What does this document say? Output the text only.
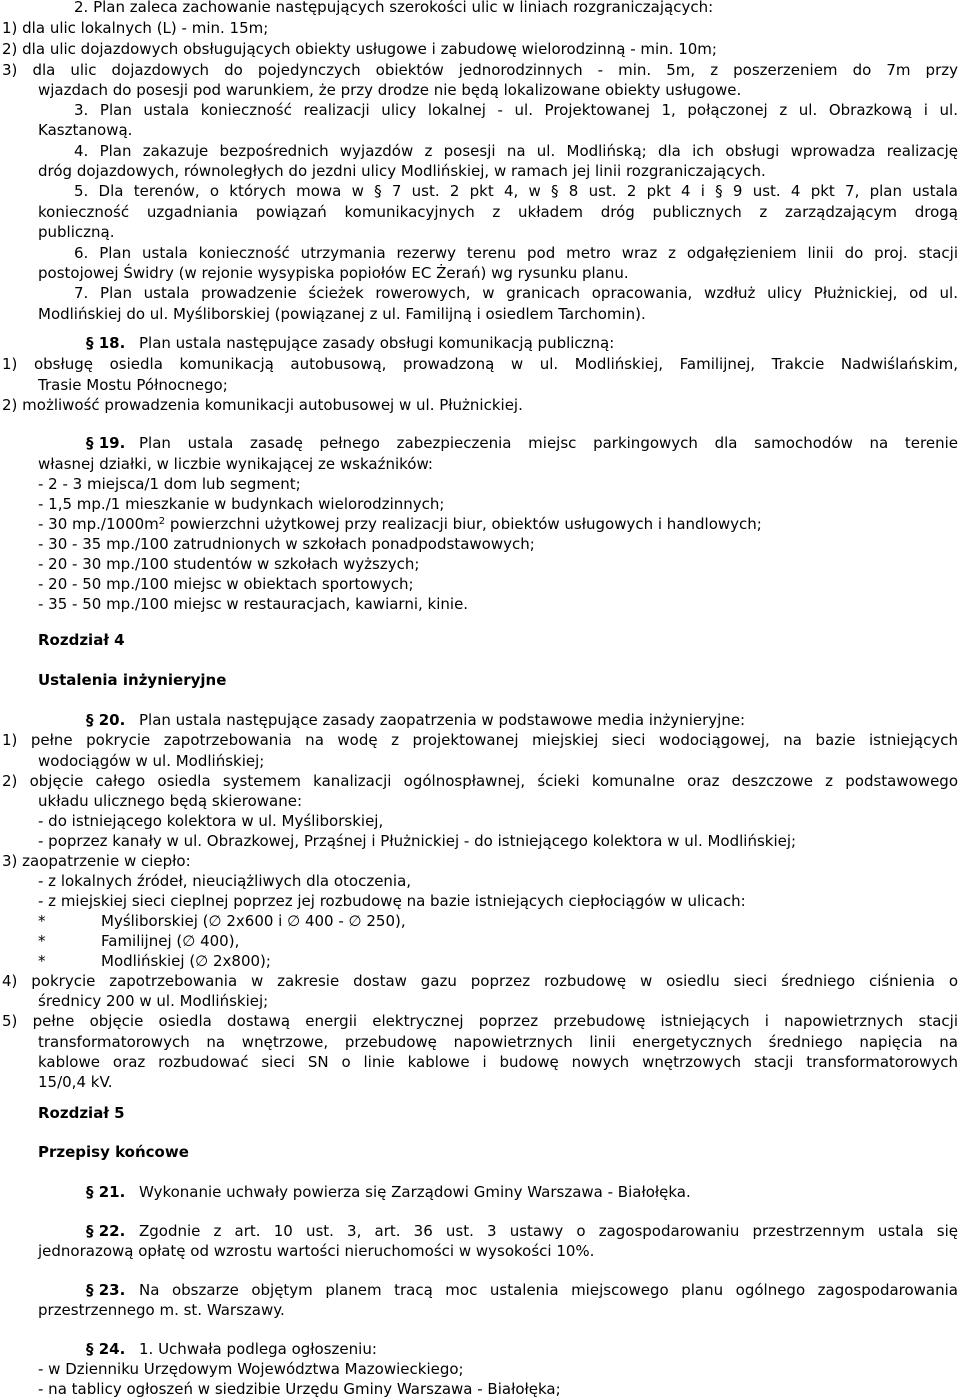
2. Plan zaleca zachowanie następujących szerokości ulic w liniach rozgraniczających:
1) dla ulic lokalnych (L) - min. 15m;
2) dla ulic dojazdowych obsługujących obiekty usługowe i zabudowę wielorodzinną - min. 10m;
3) dla ulic dojazdowych do pojedynczych obiektów jednorodzinnych - min. 5m, z poszerzeniem do 7m przy
wjazdach do posesji pod warunkiem, że przy drodze nie będą lokalizowane obiekty usługowe.
3. Plan ustala konieczność realizacji ulicy lokalnej - ul. Projektowanej 1, połączonej z ul. Obrazkową i ul.
Kasztanową.
4. Plan zakazuje bezpośrednich wyjazdów z posesji na ul. Modlińską; dla ich obsługi wprowadza realizację
dróg dojazdowych, równoległych do jezdni ulicy Modlińskiej, w ramach jej linii rozgraniczających.
5. Dla terenów, o których mowa w § 7 ust. 2 pkt 4, w § 8 ust. 2 pkt 4 i § 9 ust. 4 pkt 7, plan ustala
konieczność uzgadniania powiązań komunikacyjnych z układem dróg publicznych z zarządzającym drogą
publiczną.
6. Plan ustala konieczność utrzymania rezerwy terenu pod metro wraz z odgałęzieniem linii do proj. stacji
postojowej Świdry (w rejonie wysypiska popiołów EC Żerań) wg rysunku planu.
7. Plan ustala prowadzenie ścieżek rowerowych, w granicach opracowania, wzdłuż ulicy Płużnickiej, od ul.
Modlińskiej do ul. Myśliborskiej (powiązanej z ul. Familijną i osiedlem Tarchomin).
§ 18. Plan ustala następujące zasady obsługi komunikacją publiczną:
1) obsługę osiedla komunikacją autobusową, prowadzoną w ul. Modlińskiej, Familijnej, Trakcie Nadwiślańskim,
Trasie Mostu Północnego;
2) możliwość prowadzenia komunikacji autobusowej w ul. Płużnickiej.
§ 19. Plan ustala zasadę pełnego zabezpieczenia miejsc parkingowych dla samochodów na terenie
własnej działki, w liczbie wynikającej ze wskaźników:
- 2 - 3 miejsca/1 dom lub segment;
- 1,5 mp./1 mieszkanie w budynkach wielorodzinnych;
- 30 $mp./1000m^2$ powierzchni użytkowej przy realizacji biur, obiektów usługowych i handlowych;
- 30 - 35 mp./100 zatrudnionych w szkołach ponadpodstawowych;
- 20 - 30 mp./100 studentów w szkołach wyższych;
- 20 - 50 mp./100 miejsc w obiektach sportowych;
- 35 - 50 mp./100 miejsc w restauracjach, kawiarni, kinie.
Rozdział 4
Ustalenia inżynieryjne
§ 20. Plan ustala następujące zasady zaopatrzenia w podstawowe media inżynieryjne:
1) pełne pokrycie zapotrzebowania na wodę z projektowanej miejskiej sieci wodociągowej, na bazie istniejących
wodociągów w ul. Modlińskiej;
2) objęcie całego osiedla systemem kanalizacji ogólnospławnej, ścieki komunalne oraz deszczowe z podstawowego
układu ulicznego będą skierowane:
- do istniejącego kolektora w ul. Myśliborskiej,
- poprzez kanały w ul. Obrazkowej, Prząśnej i Płużnickiej - do istniejącego kolektora w ul. Modlińskiej;
3) zaopatrzenie w ciepło:
- z lokalnych źródeł, nieuciążliwych dla otoczenia,
- z miejskiej sieci cieplnej poprzez jej rozbudowę na bazie istniejących ciepłociągów w ulicach:
*	Myśliborskiej (∅ 2x600 i ∅ 400 - ∅ 250),
*	Familijnej (∅ 400),
*	Modlińskiej (∅ 2x800);
4) pokrycie zapotrzebowania w zakresie dostaw gazu poprzez rozbudowę w osiedlu sieci średniego ciśnienia o
średnicy 200 w ul. Modlińskiej;
5) pełne objęcie osiedla dostawą energii elektrycznej poprzez przebudowę istniejących i napowietrznych stacji
transformatorowych na wnętrzowe, przebudowę napowietrznych linii energetycznych średniego napięcia na
kablowe oraz rozbudować sieci SN o linie kablowe i budowę nowych wnętrzowych stacji transformatorowych
15/0,4 kV.
Rozdział 5
Przepisy końcowe
§ 21. Wykonanie uchwały powierza się Zarządowi Gminy Warszawa - Białołęka.
§ 22. Zgodnie z art. 10 ust. 3, art. 36 ust. 3 ustawy o zagospodarowaniu przestrzennym ustala się
jednorazową opłatę od wzrostu wartości nieruchomości w wysokości 10%.
§ 23. Na obszarze objętym planem tracą moc ustalenia miejscowego planu ogólnego zagospodarowania
przestrzennego m. st. Warszawy.
§ 24. 1. Uchwała podlega ogłoszeniu:
- w Dzienniku Urzędowym Województwa Mazowieckiego;
- na tablicy ogłoszeń w siedzibie Urzędu Gminy Warszawa - Białołęka;
